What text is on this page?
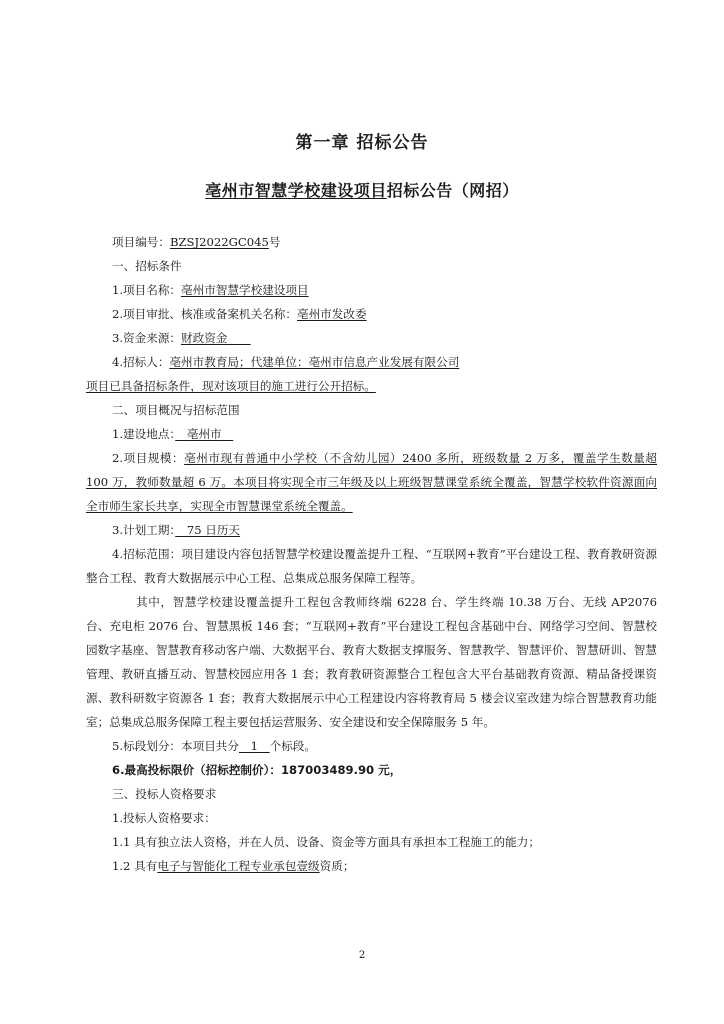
第一章 招标公告
亳州市智慧学校建设项目招标公告（网招）
项目编号：BZSJ2022GC045号
一、招标条件
1.项目名称：亳州市智慧学校建设项目
2.项目审批、核准或备案机关名称：亳州市发改委
3.资金来源：财政资金　　
4.招标人：亳州市教育局；代建单位：亳州市信息产业发展有限公司
项目已具备招标条件，现对该项目的施工进行公开招标。
二、项目概况与招标范围
1.建设地点：　 亳州市　
2.项目规模：亳州市现有普通中小学校（不含幼儿园）2400 多所，班级数量 2 万多，覆盖学生数量超 100 万，教师数量超 6 万。本项目将实现全市三年级及以上班级智慧课堂系统全覆盖，智慧学校软件资源面向全市师生家长共享，实现全市智慧课堂系统全覆盖。
3.计划工期：　 75 日历天
4.招标范围：项目建设内容包括智慧学校建设覆盖提升工程、“互联网+教育”平台建设工程、教育教研资源整合工程、教育大数据展示中心工程、总集成总服务保障工程等。
其中，智慧学校建设覆盖提升工程包含教师终端 6228 台、学生终端 10.38 万台、无线 AP2076 台、充电柜 2076 台、智慧黑板 146 套；“互联网+教育”平台建设工程包含基础中台、网络学习空间、智慧校园数字基座、智慧教育移动客户端、大数据平台、教育大数据支撑服务、智慧教学、智慧评价、智慧研训、智慧管理、教研直播互动、智慧校园应用各 1 套；教育教研资源整合工程包含大平台基础教育资源、精品备授课资源、教科研数字资源各 1 套；教育大数据展示中心工程建设内容将教育局 5 楼会议室改建为综合智慧教育功能室；总集成总服务保障工程主要包括运营服务、安全建设和安全保障服务 5 年。
5.标段划分：本项目共分　 1　 个标段。
6.最高投标限价（招标控制价）：187003489.90 元，
三、投标人资格要求
1.投标人资格要求：
1.1 具有独立法人资格，并在人员、设备、资金等方面具有承担本工程施工的能力；
1.2 具有电子与智能化工程专业承包壹级资质；
2
